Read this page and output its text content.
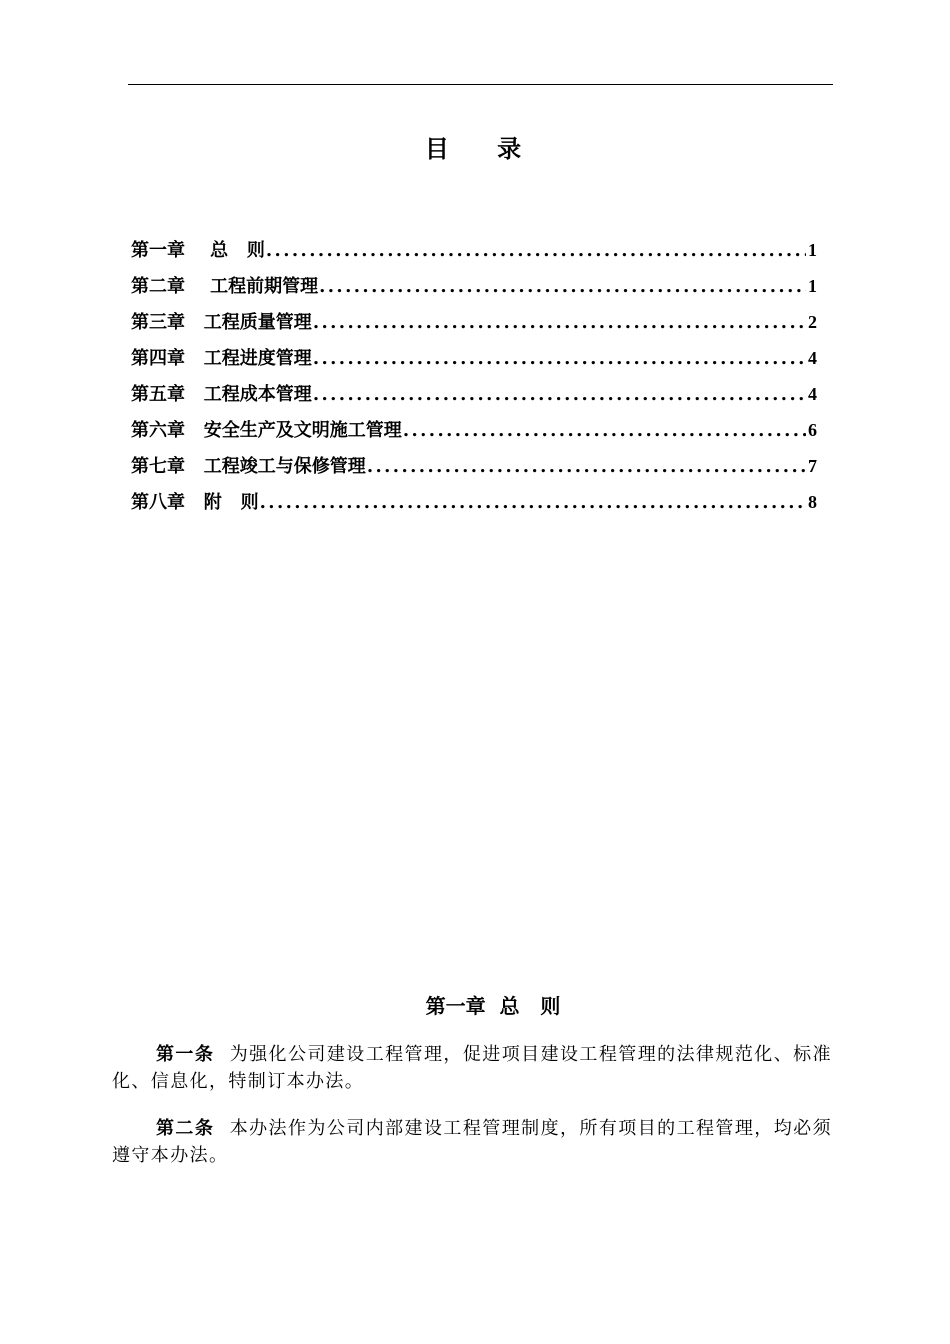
目 录
第一章    总   则 .....	1
第二章    工程前期管理 .....	1
第三章   工程质量管理 .....	2
第四章   工程进度管理 .....	4
第五章   工程成本管理 .....	4
第六章   安全生产及文明施工管理 .....	6
第七章   工程竣工与保修管理 .....	7
第八章   附   则 .....	8
第一章  总   则

第一条  为强化公司建设工程管理，促进项目建设工程管理的法律规范化、标准化、信息化，特制订本办法。

第二条  本办法作为公司内部建设工程管理制度，所有项目的工程管理，均必须遵守本办法。
